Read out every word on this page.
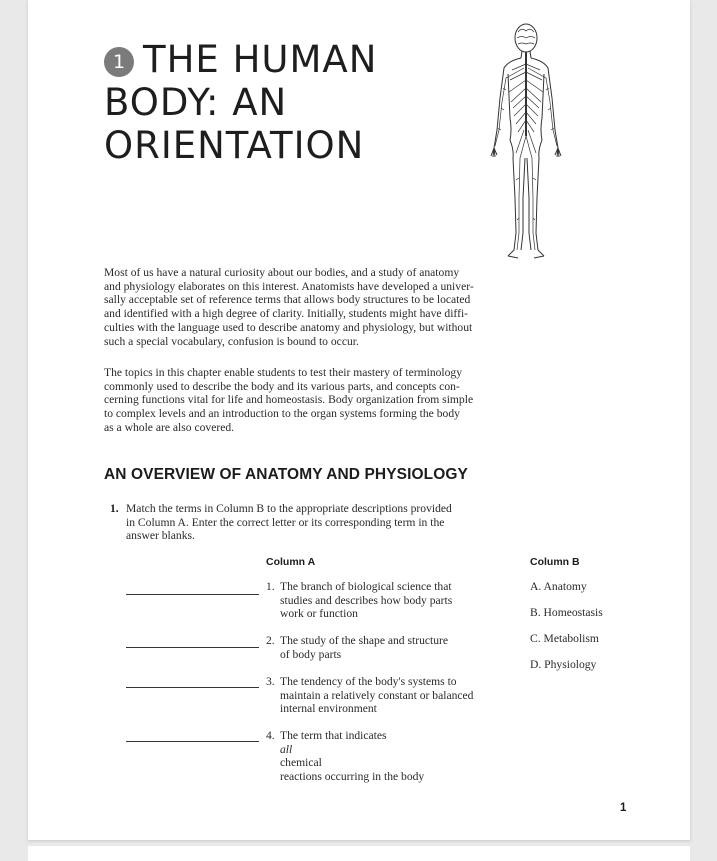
1 THE HUMAN
BODY: AN
ORIENTATION
Most of us have a natural curiosity about our bodies, and a study of anatomy
and physiology elaborates on this interest. Anatomists have developed a univer-
sally acceptable set of reference terms that allows body structures to be located
and identified with a high degree of clarity. Initially, students might have diffi-
culties with the language used to describe anatomy and physiology, but without
such a special vocabulary, confusion is bound to occur.
The topics in this chapter enable students to test their mastery of terminology
commonly used to describe the body and its various parts, and concepts con-
cerning functions vital for life and homeostasis. Body organization from simple
to complex levels and an introduction to the organ systems forming the body
as a whole are also covered.
AN OVERVIEW OF ANATOMY AND PHYSIOLOGY
1. Match the terms in Column B to the appropriate descriptions provided
in Column A. Enter the correct letter or its corresponding term in the
answer blanks.
Column A	Column B
1. The branch of biological science that
studies and describes how body parts
work or function
2. The study of the shape and structure
of body parts
3. The tendency of the body's systems to
maintain a relatively constant or balanced
internal environment
4. The term that indicates
all
chemical
reactions occurring in the body
A. Anatomy
B. Homeostasis
C. Metabolism
D. Physiology
1
